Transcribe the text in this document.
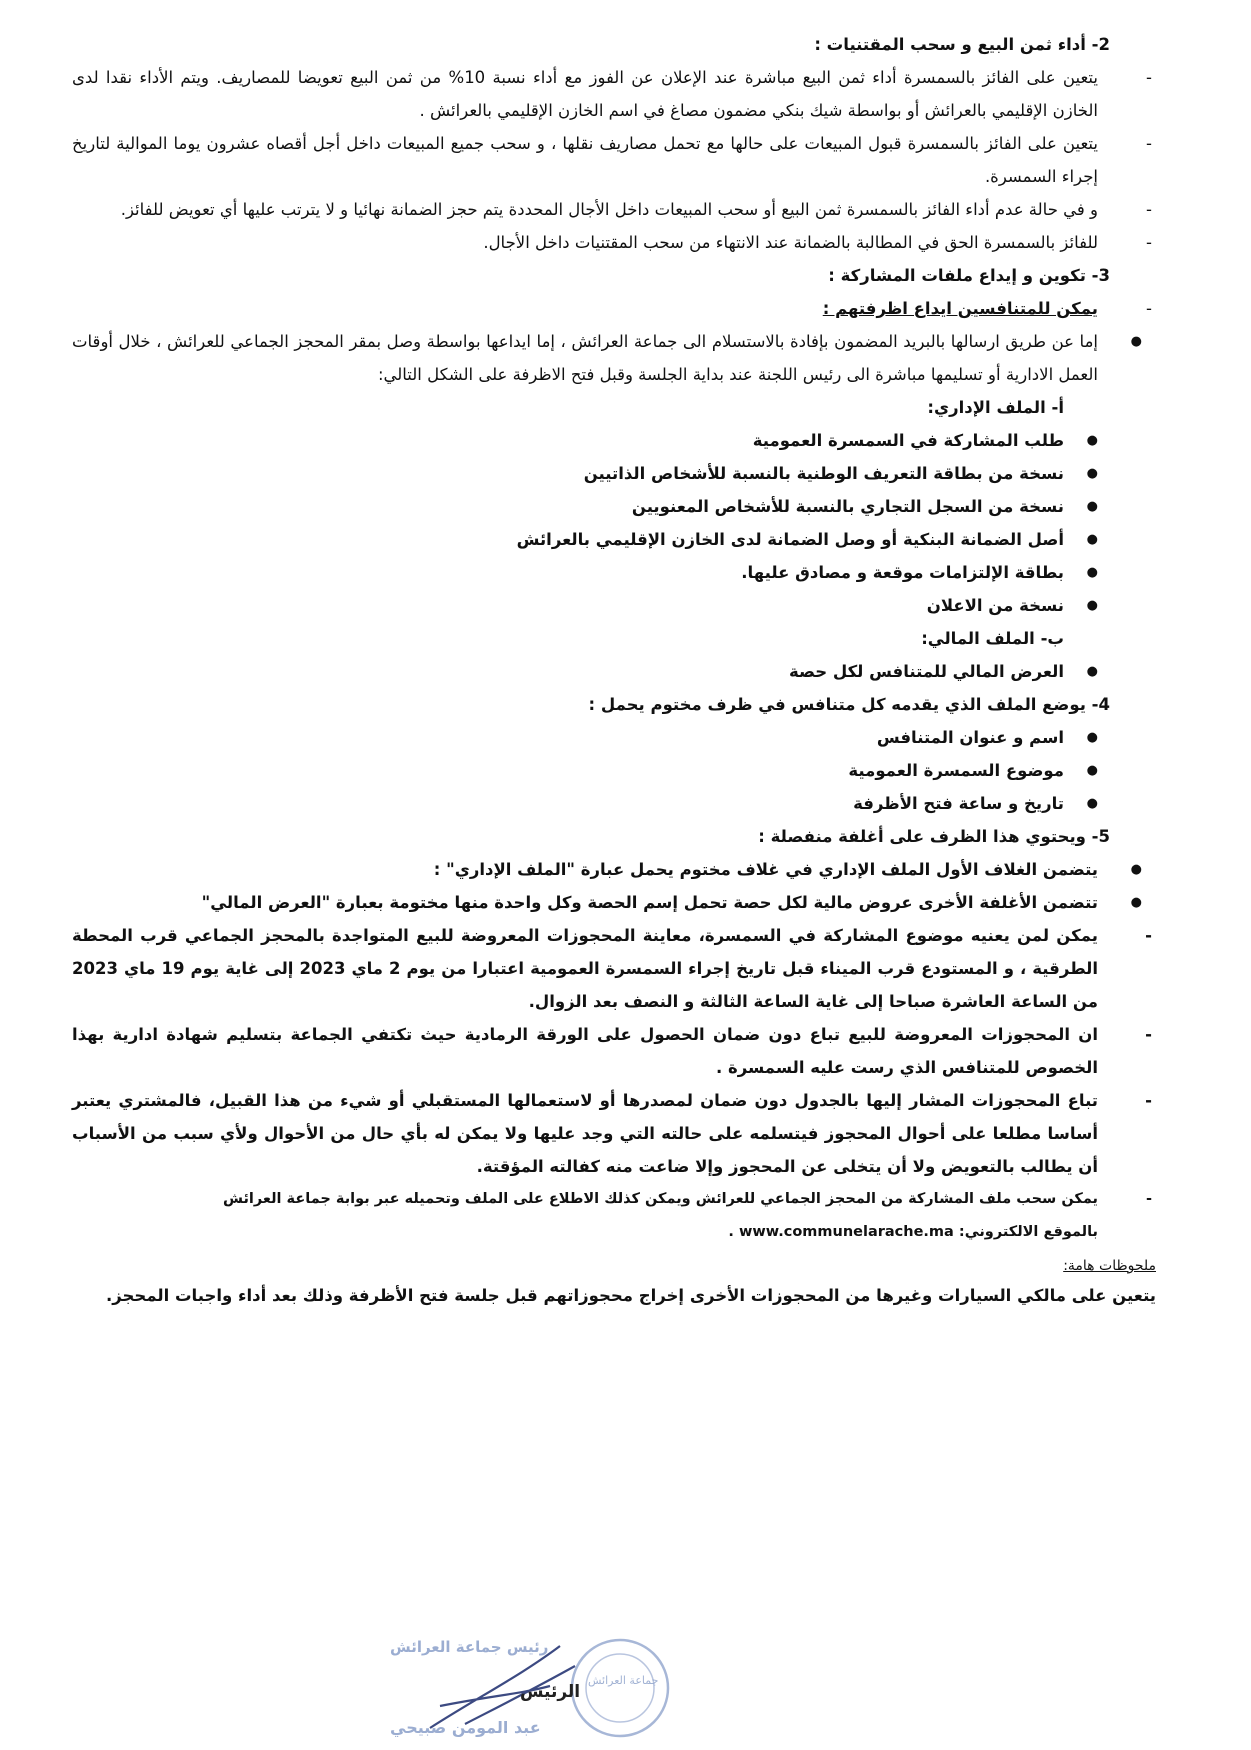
2- أداء ثمن البيع و سحب المقتنيات :

-
يتعين على الفائز بالسمسرة أداء ثمن البيع مباشرة عند الإعلان عن الفوز مع أداء نسبة 10% من ثمن البيع تعويضا للمصاريف. ويتم الأداء نقدا لدى الخازن الإقليمي بالعرائش أو بواسطة شيك بنكي مضمون مصاغ في اسم الخازن الإقليمي بالعرائش .

-
يتعين على الفائز بالسمسرة قبول المبيعات على حالها مع تحمل مصاريف نقلها ، و سحب جميع المبيعات داخل أجل أقصاه عشرون يوما الموالية لتاريخ إجراء السمسرة.

-
و في حالة عدم أداء الفائز بالسمسرة ثمن البيع أو سحب المبيعات داخل الأجال المحددة يتم حجز الضمانة نهائيا و لا يترتب عليها أي تعويض للفائز.

-
للفائز بالسمسرة الحق في المطالبة بالضمانة عند الانتهاء من سحب المقتنيات داخل الأجال.

3- تكوين و إيداع ملفات المشاركة :

-
يمكن للمتنافسين ايداع اظرفتهم :

●
إما عن طريق ارسالها بالبريد المضمون بإفادة بالاستسلام الى جماعة العرائش ، إما ايداعها بواسطة وصل بمقر المحجز الجماعي للعرائش ، خلال أوقات العمل الادارية أو تسليمها مباشرة الى رئيس اللجنة عند بداية الجلسة وقبل فتح الاظرفة على الشكل التالي:

أ- الملف الإداري:

●
طلب المشاركة في السمسرة العمومية

●
نسخة من بطاقة التعريف الوطنية بالنسبة للأشخاص الذاتيين

●
نسخة من السجل التجاري بالنسبة للأشخاص المعنويين

●
أصل الضمانة البنكية أو وصل الضمانة لدى الخازن الإقليمي بالعرائش

●
بطاقة الإلتزامات موقعة و مصادق عليها.

●
نسخة من الاعلان

ب- الملف المالي:

●
العرض المالي للمتنافس لكل حصة

4- يوضع الملف الذي يقدمه كل متنافس في ظرف مختوم يحمل :

●
اسم و عنوان المتنافس

●
موضوع السمسرة العمومية

●
تاريخ و ساعة فتح الأظرفة

5- ويحتوي هذا الظرف على أغلفة منفصلة :

●
يتضمن الغلاف الأول الملف الإداري في غلاف مختوم يحمل عبارة "الملف الإداري" :

●
تتضمن الأغلفة الأخرى عروض مالية لكل حصة تحمل إسم الحصة وكل واحدة منها مختومة بعبارة "العرض المالي"

-
يمكن لمن يعنيه موضوع المشاركة في السمسرة، معاينة المحجوزات المعروضة للبيع المتواجدة بالمحجز الجماعي قرب المحطة الطرقية ، و المستودع قرب الميناء قبل تاريخ إجراء السمسرة العمومية اعتبارا من يوم 2 ماي 2023 إلى غاية يوم 19 ماي 2023 من الساعة العاشرة صباحا إلى غاية الساعة الثالثة و النصف بعد الزوال.

-
ان المحجوزات المعروضة للبيع تباع دون ضمان الحصول على الورقة الرمادية حيث تكتفي الجماعة بتسليم شهادة ادارية بهذا الخصوص للمتنافس الذي رست عليه السمسرة .

-
تباع المحجوزات المشار إليها بالجدول دون ضمان لمصدرها أو لاستعمالها المستقبلي أو شيء من هذا القبيل، فالمشتري يعتبر أساسا مطلعا على أحوال المحجوز فيتسلمه على حالته التي وجد عليها ولا يمكن له بأي حال من الأحوال ولأي سبب من الأسباب أن يطالب بالتعويض ولا أن يتخلى عن المحجوز وإلا ضاعت منه كفالته المؤقتة.

-
يمكن سحب ملف المشاركة من المحجز الجماعي للعرائش ويمكن كذلك الاطلاع على الملف وتحميله عبر بوابة جماعة العرائش
بالموقع الالكتروني: www.communelarache.ma .

ملحوظات هامة:

يتعين على مالكي السيارات وغيرها من المحجوزات الأخرى إخراج محجوزاتهم قبل جلسة فتح الأظرفة وذلك بعد أداء واجبات المحجز.

رئيس جماعة العرائش
جماعة العرائش
الرئيس
عبد المومن صبيحي
